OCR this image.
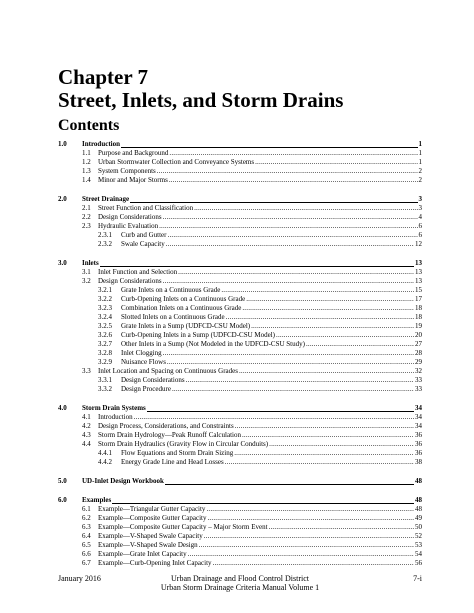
Chapter 7
Street, Inlets, and Storm Drains
Contents
1.0 Introduction	1
1.1 Purpose and Background .....	1
1.2 Urban Stormwater Collection and Conveyance Systems .....	1
1.3 System Components .....	2
1.4 Minor and Major Storms .....	2
2.0 Street Drainage	3
2.1 Street Function and Classification .....	3
2.2 Design Considerations .....	4
2.3 Hydraulic Evaluation .....	6
2.3.1 Curb and Gutter .....	6
2.3.2 Swale Capacity .....	12
3.0 Inlets	13
3.1 Inlet Function and Selection .....	13
3.2 Design Considerations .....	13
3.2.1 Grate Inlets on a Continuous Grade .....	15
3.2.2 Curb-Opening Inlets on a Continuous Grade .....	17
3.2.3 Combination Inlets on a Continuous Grade .....	18
3.2.4 Slotted Inlets on a Continuous Grade .....	18
3.2.5 Grate Inlets in a Sump (UDFCD-CSU Model) .....	19
3.2.6 Curb-Opening Inlets in a Sump (UDFCD-CSU Model) .....	20
3.2.7 Other Inlets in a Sump (Not Modeled in the UDFCD-CSU Study) .....	27
3.2.8 Inlet Clogging .....	28
3.2.9 Nuisance Flows .....	29
3.3 Inlet Location and Spacing on Continuous Grades .....	32
3.3.1 Design Considerations .....	33
3.3.2 Design Procedure .....	33
4.0 Storm Drain Systems	34
4.1 Introduction .....	34
4.2 Design Process, Considerations, and Constraints .....	34
4.3 Storm Drain Hydrology—Peak Runoff Calculation .....	36
4.4 Storm Drain Hydraulics (Gravity Flow in Circular Conduits) .....	36
4.4.1 Flow Equations and Storm Drain Sizing .....	36
4.4.2 Energy Grade Line and Head Losses .....	38
5.0 UD-Inlet Design Workbook	48
6.0 Examples	48
6.1 Example—Triangular Gutter Capacity .....	48
6.2 Example—Composite Gutter Capacity .....	49
6.3 Example—Composite Gutter Capacity – Major Storm Event .....	50
6.4 Example—V-Shaped Swale Capacity .....	52
6.5 Example—V-Shaped Swale Design .....	53
6.6 Example—Grate Inlet Capacity .....	54
6.7 Example—Curb-Opening Inlet Capacity .....	56
January 2016	Urban Drainage and Flood Control District
Urban Storm Drainage Criteria Manual Volume 1
7-i
